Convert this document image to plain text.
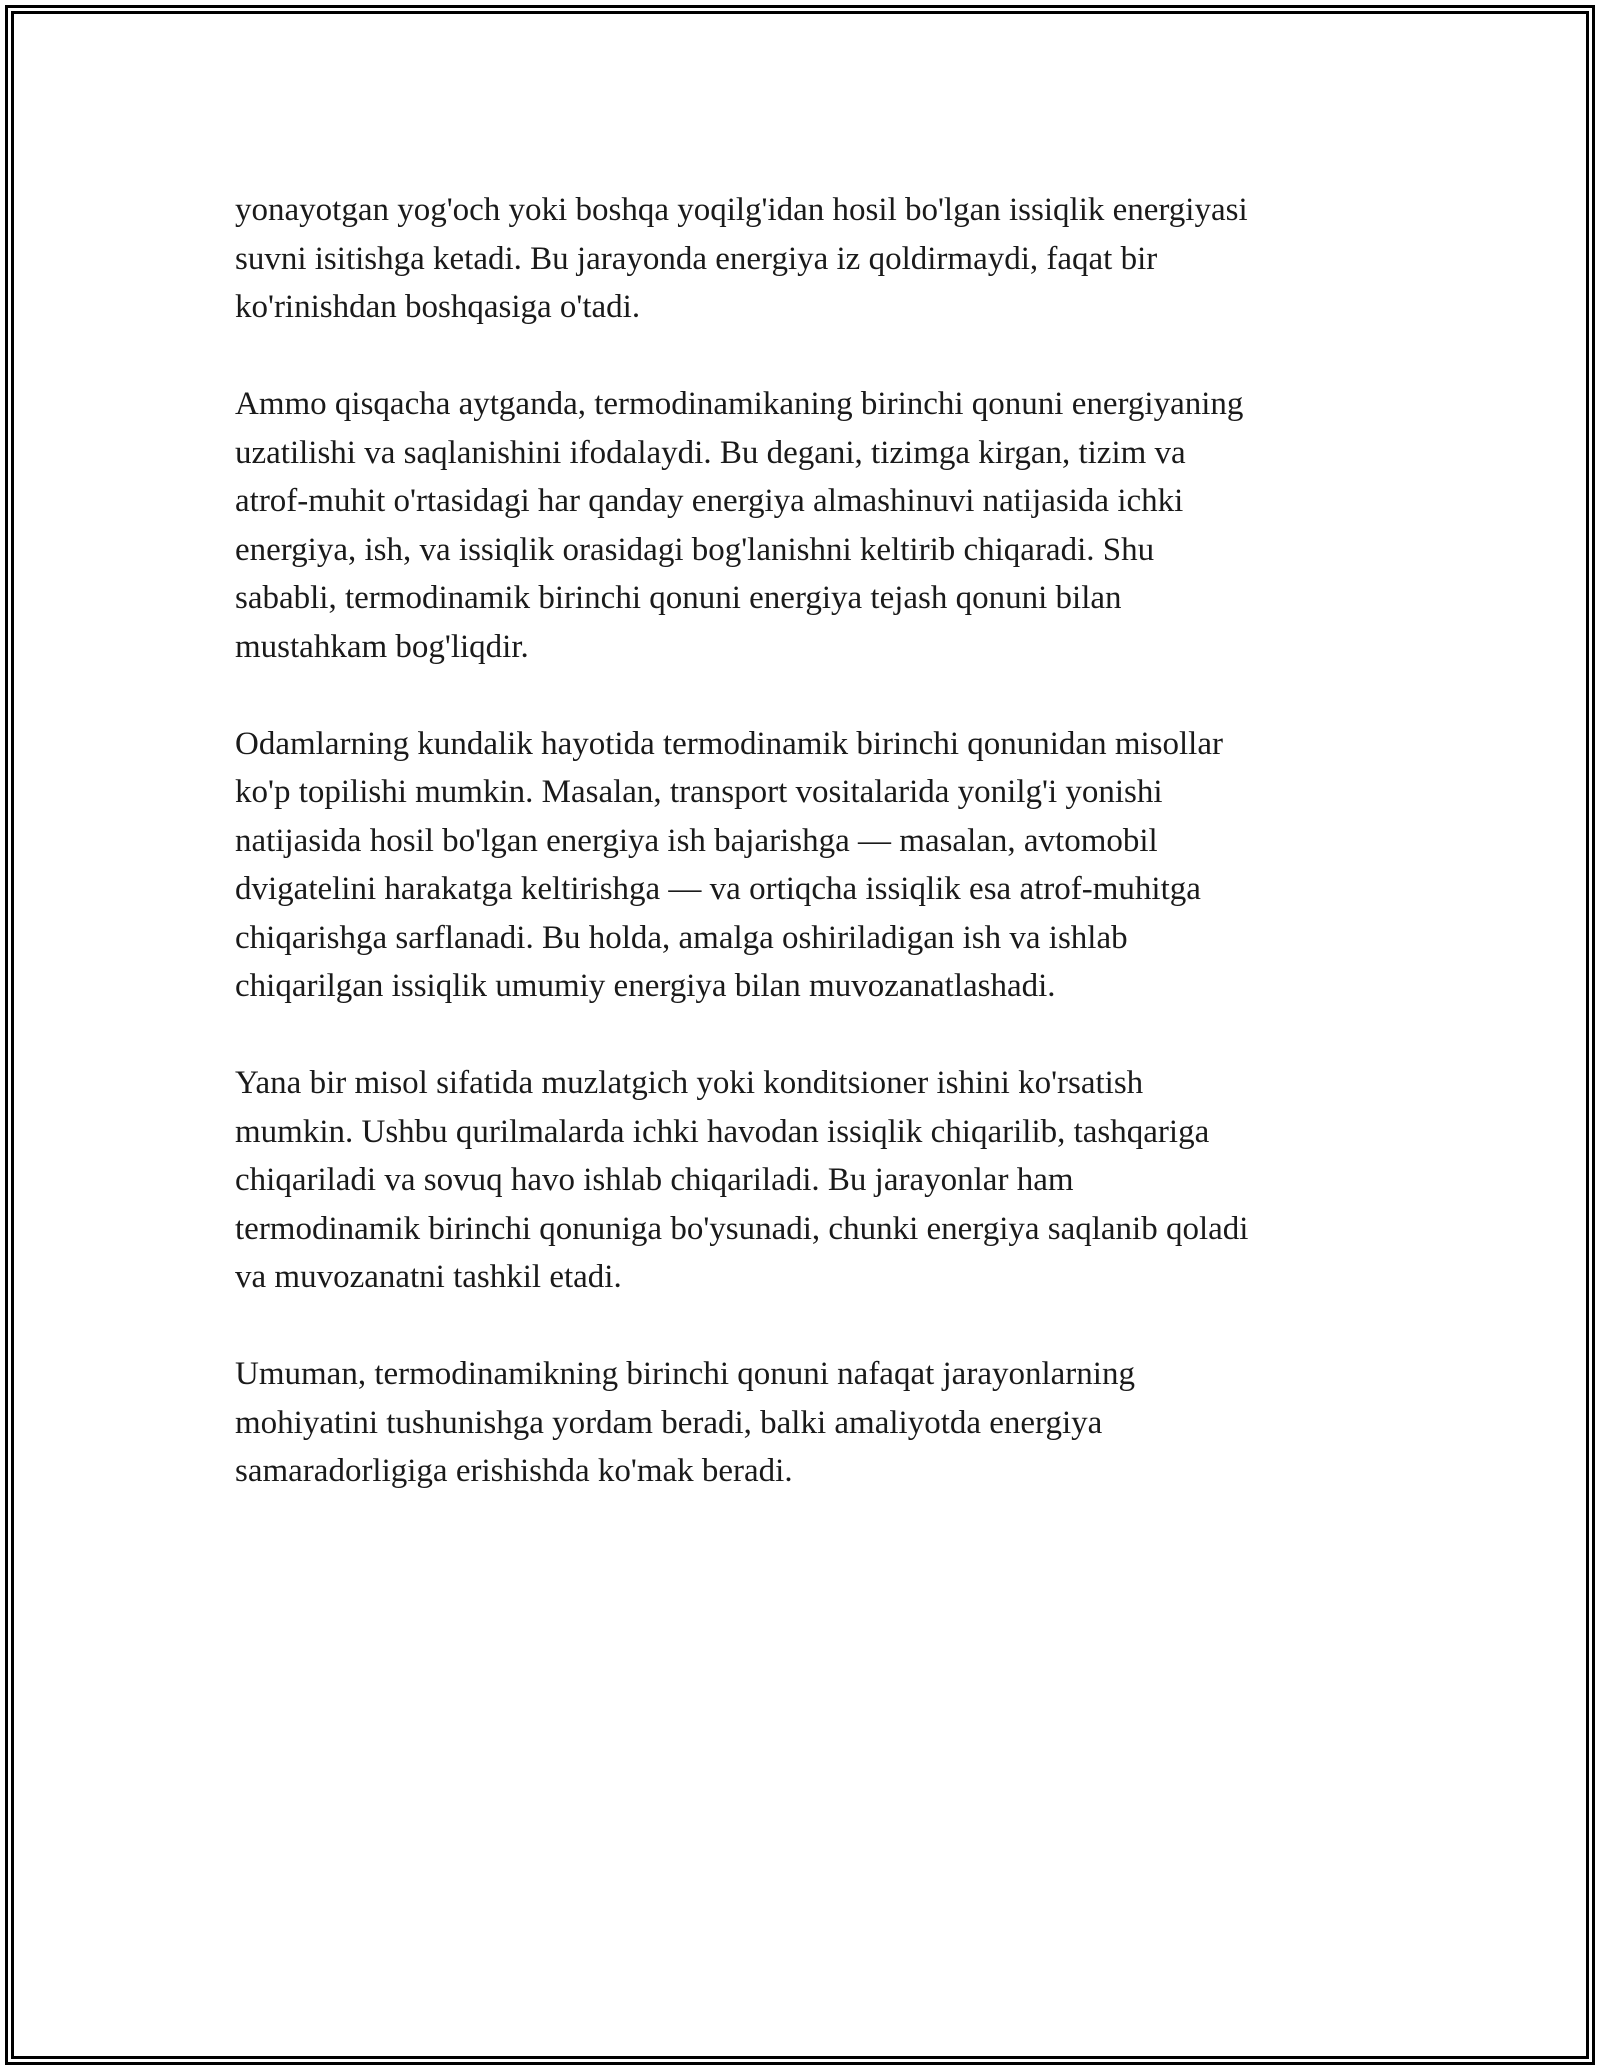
yonayotgan yog'och yoki boshqa yoqilg'idan hosil bo'lgan issiqlik energiyasi
suvni isitishga ketadi. Bu jarayonda energiya iz qoldirmaydi, faqat bir
ko'rinishdan boshqasiga o'tadi.

Ammo qisqacha aytganda, termodinamikaning birinchi qonuni energiyaning
uzatilishi va saqlanishini ifodalaydi. Bu degani, tizimga kirgan, tizim va
atrof-muhit o'rtasidagi har qanday energiya almashinuvi natijasida ichki
energiya, ish, va issiqlik orasidagi bog'lanishni keltirib chiqaradi. Shu
sababli, termodinamik birinchi qonuni energiya tejash qonuni bilan
mustahkam bog'liqdir.

Odamlarning kundalik hayotida termodinamik birinchi qonunidan misollar
ko'p topilishi mumkin. Masalan, transport vositalarida yonilg'i yonishi
natijasida hosil bo'lgan energiya ish bajarishga — masalan, avtomobil
dvigatelini harakatga keltirishga — va ortiqcha issiqlik esa atrof-muhitga
chiqarishga sarflanadi. Bu holda, amalga oshiriladigan ish va ishlab
chiqarilgan issiqlik umumiy energiya bilan muvozanatlashadi.

Yana bir misol sifatida muzlatgich yoki konditsioner ishini ko'rsatish
mumkin. Ushbu qurilmalarda ichki havodan issiqlik chiqarilib, tashqariga
chiqariladi va sovuq havo ishlab chiqariladi. Bu jarayonlar ham
termodinamik birinchi qonuniga bo'ysunadi, chunki energiya saqlanib qoladi
va muvozanatni tashkil etadi.

Umuman, termodinamikning birinchi qonuni nafaqat jarayonlarning
mohiyatini tushunishga yordam beradi, balki amaliyotda energiya
samaradorligiga erishishda ko'mak beradi.
